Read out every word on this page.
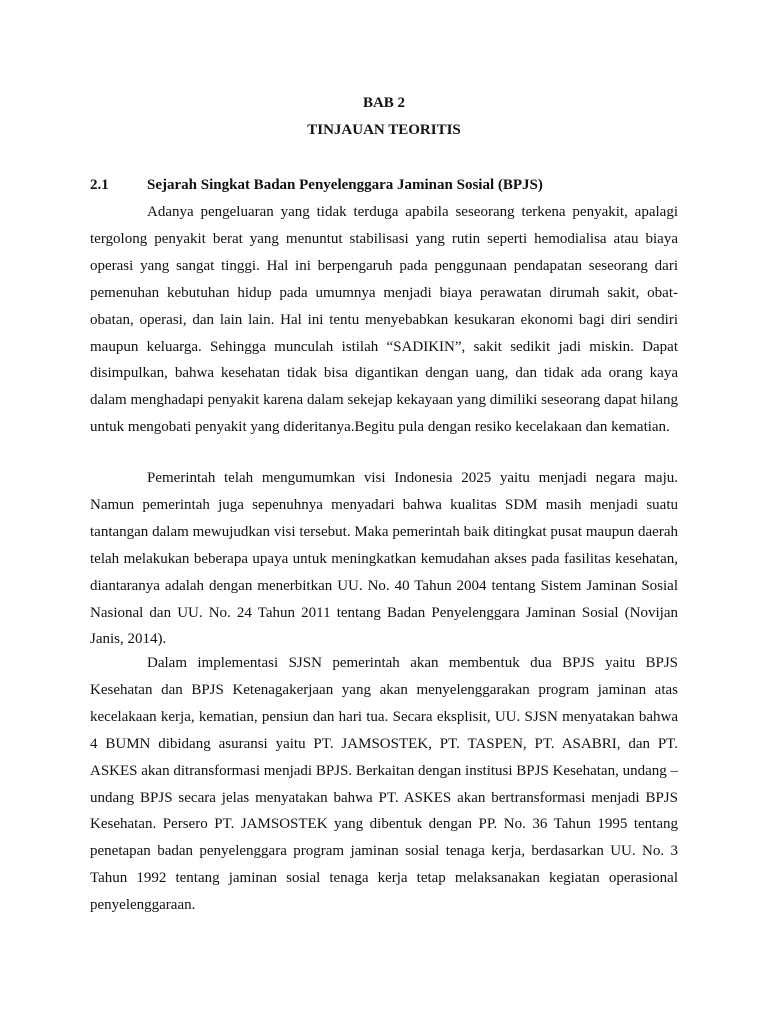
BAB 2
TINJAUAN TEORITIS
2.1	Sejarah Singkat Badan Penyelenggara Jaminan Sosial (BPJS)

Adanya pengeluaran yang tidak terduga apabila seseorang terkena penyakit, apalagi tergolong penyakit berat yang menuntut stabilisasi yang rutin seperti hemodialisa atau biaya operasi yang sangat tinggi. Hal ini berpengaruh pada penggunaan pendapatan seseorang dari pemenuhan kebutuhan hidup pada umumnya menjadi biaya perawatan dirumah sakit, obat-obatan, operasi, dan lain lain. Hal ini tentu menyebabkan kesukaran ekonomi bagi diri sendiri maupun keluarga. Sehingga munculah istilah “SADIKIN”, sakit sedikit jadi miskin. Dapat disimpulkan, bahwa kesehatan tidak bisa digantikan dengan uang, dan tidak ada orang kaya dalam menghadapi penyakit karena dalam sekejap kekayaan yang dimiliki seseorang dapat hilang untuk mengobati penyakit yang dideritanya.Begitu pula dengan resiko kecelakaan dan kematian.

Pemerintah telah mengumumkan visi Indonesia 2025 yaitu menjadi negara maju. Namun pemerintah juga sepenuhnya menyadari bahwa kualitas SDM masih menjadi suatu tantangan dalam mewujudkan visi tersebut. Maka pemerintah baik ditingkat pusat maupun daerah telah melakukan beberapa upaya untuk meningkatkan kemudahan akses pada fasilitas kesehatan, diantaranya adalah dengan menerbitkan UU. No. 40 Tahun 2004 tentang Sistem Jaminan Sosial Nasional dan UU. No. 24 Tahun 2011 tentang Badan Penyelenggara Jaminan Sosial (Novijan Janis, 2014).

Dalam implementasi SJSN pemerintah akan membentuk dua BPJS yaitu BPJS Kesehatan dan BPJS Ketenagakerjaan yang akan menyelenggarakan program jaminan atas kecelakaan kerja, kematian, pensiun dan hari tua. Secara eksplisit, UU. SJSN menyatakan bahwa 4 BUMN dibidang asuransi yaitu PT. JAMSOSTEK, PT. TASPEN, PT. ASABRI, dan PT. ASKES akan ditransformasi menjadi BPJS. Berkaitan dengan institusi BPJS Kesehatan, undang – undang BPJS secara jelas menyatakan bahwa PT. ASKES akan bertransformasi menjadi BPJS Kesehatan. Persero PT. JAMSOSTEK yang dibentuk dengan PP. No. 36 Tahun 1995 tentang penetapan badan penyelenggara program jaminan sosial tenaga kerja, berdasarkan UU. No. 3 Tahun 1992 tentang jaminan sosial tenaga kerja tetap melaksanakan kegiatan operasional penyelenggaraan.
